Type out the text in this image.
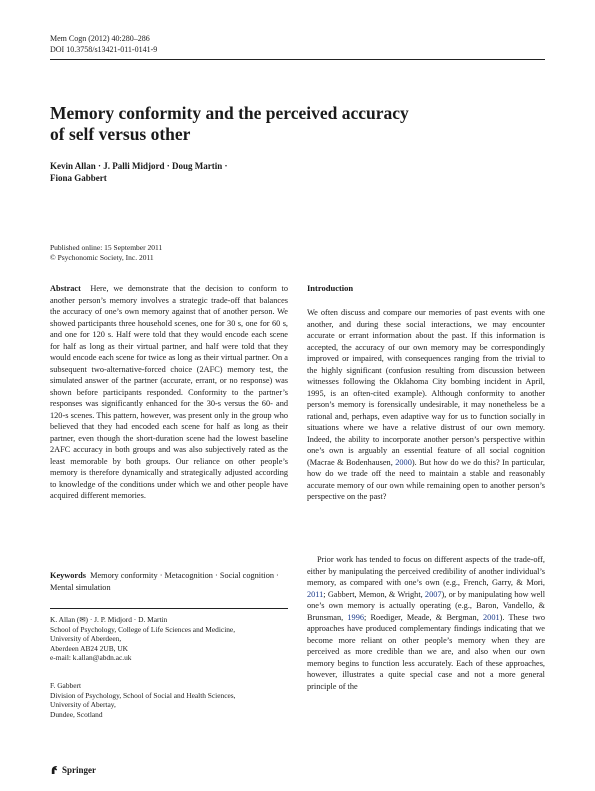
Mem Cogn (2012) 40:280–286
DOI 10.3758/s13421-011-0141-9
Memory conformity and the perceived accuracy
of self versus other
Kevin Allan · J. Palli Midjord · Doug Martin ·
Fiona Gabbert
Published online: 15 September 2011
© Psychonomic Society, Inc. 2011
Abstract Here, we demonstrate that the decision to conform to another person’s memory involves a strategic trade-off that balances the accuracy of one’s own memory against that of another person. We showed participants three household scenes, one for 30 s, one for 60 s, and one for 120 s. Half were told that they would encode each scene for half as long as their virtual partner, and half were told that they would encode each scene for twice as long as their virtual partner. On a subsequent two-alternative-forced choice (2AFC) memory test, the simulated answer of the partner (accurate, errant, or no response) was shown before participants responded. Conformity to the partner’s responses was significantly enhanced for the 30-s versus the 60- and 120-s scenes. This pattern, however, was present only in the group who believed that they had encoded each scene for half as long as their partner, even though the short-duration scene had the lowest baseline 2AFC accuracy in both groups and was also subjectively rated as the least memorable by both groups. Our reliance on other people’s memory is therefore dynamically and strategically adjusted according to knowledge of the conditions under which we and other people have acquired different memories.
Keywords Memory conformity · Metacognition · Social cognition · Mental simulation
K. Allan (✉) · J. P. Midjord · D. Martin
School of Psychology, College of Life Sciences and Medicine,
University of Aberdeen,
Aberdeen AB24 2UB, UK
e-mail: k.allan@abdn.ac.uk
F. Gabbert
Division of Psychology, School of Social and Health Sciences,
University of Abertay,
Dundee, Scotland
Springer
Introduction
We often discuss and compare our memories of past events with one another, and during these social interactions, we may encounter accurate or errant information about the past. If this information is accepted, the accuracy of our own memory may be correspondingly improved or impaired, with consequences ranging from the trivial to the highly significant (confusion resulting from discussion between witnesses following the Oklahoma City bombing incident in April, 1995, is an often-cited example). Although conformity to another person’s memory is forensically undesirable, it may nonetheless be a rational and, perhaps, even adaptive way for us to function socially in situations where we have a relative distrust of our own memory. Indeed, the ability to incorporate another person’s perspective within one’s own is arguably an essential feature of all social cognition (Macrae & Bodenhausen, 2000). But how do we do this? In particular, how do we trade off the need to maintain a stable and reasonably accurate memory of our own while remaining open to another person’s perspective on the past?
Prior work has tended to focus on different aspects of the trade-off, either by manipulating the perceived credibility of another individual’s memory, as compared with one’s own (e.g., French, Garry, & Mori, 2011; Gabbert, Memon, & Wright, 2007), or by manipulating how well one’s own memory is actually operating (e.g., Baron, Vandello, & Brunsman, 1996; Roediger, Meade, & Bergman, 2001). These two approaches have produced complementary findings indicating that we become more reliant on other people’s memory when they are perceived as more credible than we are, and also when our own memory begins to function less accurately. Each of these approaches, however, illustrates a quite special case and not a more general principle of the
